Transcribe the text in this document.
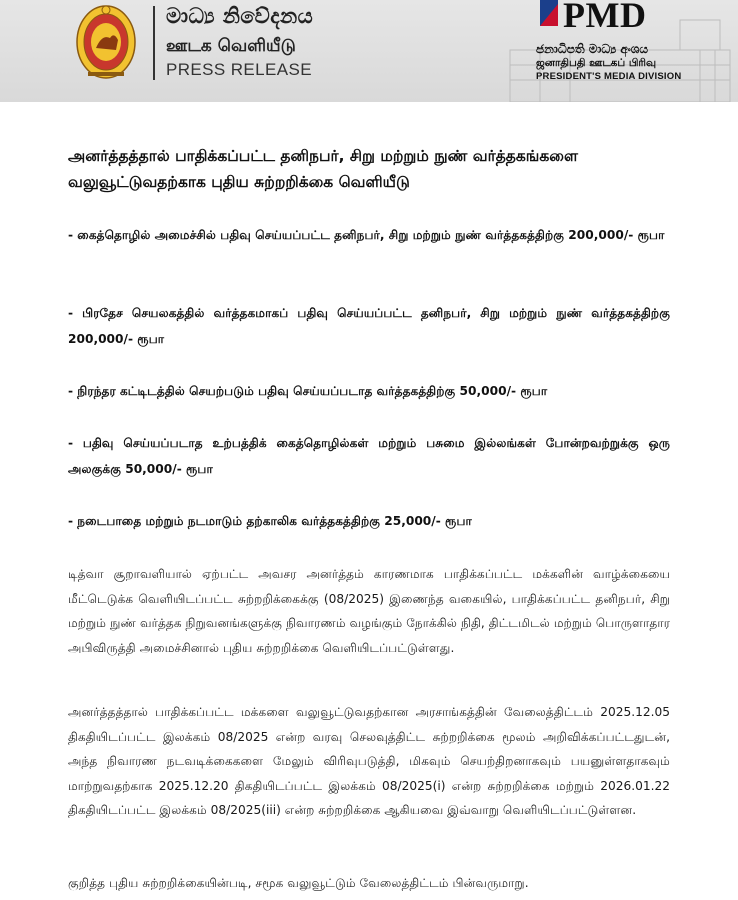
මාධ්‍ය නිවේදනය
ஊடக வெளியீடு
PRESS RELEASE
PMD
ජනාධිපති මාධ්‍ය අංශය
ஜனாதிபதி ஊடகப் பிரிவு
PRESIDENT'S MEDIA DIVISION

அனர்த்தத்தால் பாதிக்கப்பட்ட தனிநபர், சிறு மற்றும் நுண் வர்த்தகங்களை வலுவூட்டுவதற்காக புதிய சுற்றறிக்கை வெளியீடு

- கைத்தொழில் அமைச்சில் பதிவு செய்யப்பட்ட தனிநபர், சிறு மற்றும் நுண் வர்த்தகத்திற்கு 200,000/- ரூபா

- பிரதேச செயலகத்தில் வர்த்தகமாகப் பதிவு செய்யப்பட்ட தனிநபர், சிறு மற்றும் நுண் வர்த்தகத்திற்கு 200,000/- ரூபா

- நிரந்தர கட்டிடத்தில் செயற்படும் பதிவு செய்யப்படாத வர்த்தகத்திற்கு 50,000/- ரூபா

- பதிவு செய்யப்படாத உற்பத்திக் கைத்தொழில்கள் மற்றும் பசுமை இல்லங்கள் போன்றவற்றுக்கு ஒரு அலகுக்கு 50,000/- ரூபா

- நடைபாதை மற்றும் நடமாடும் தற்காலிக வர்த்தகத்திற்கு 25,000/- ரூபா

டித்வா சூறாவளியால் ஏற்பட்ட அவசர அனர்த்தம் காரணமாக பாதிக்கப்பட்ட மக்களின் வாழ்க்கையை மீட்டெடுக்க வெளியிடப்பட்ட சுற்றறிக்கைக்கு (08/2025) இணைந்த வகையில், பாதிக்கப்பட்ட தனிநபர், சிறு மற்றும் நுண் வர்த்தக நிறுவனங்களுக்கு நிவாரணம் வழங்கும் நோக்கில் நிதி, திட்டமிடல் மற்றும் பொருளாதார அபிவிருத்தி அமைச்சினால் புதிய சுற்றறிக்கை வெளியிடப்பட்டுள்ளது.

அனர்த்தத்தால் பாதிக்கப்பட்ட மக்களை வலுவூட்டுவதற்கான அரசாங்கத்தின் வேலைத்திட்டம் 2025.12.05 திகதியிடப்பட்ட இலக்கம் 08/2025 என்ற வரவு செலவுத்திட்ட சுற்றறிக்கை மூலம் அறிவிக்கப்பட்டதுடன், அந்த நிவாரண நடவடிக்கைகளை மேலும் விரிவுபடுத்தி, மிகவும் செயற்திறனாகவும் பயனுள்ளதாகவும் மாற்றுவதற்காக 2025.12.20 திகதியிடப்பட்ட இலக்கம் 08/2025(i) என்ற சுற்றறிக்கை மற்றும் 2026.01.22 திகதியிடப்பட்ட இலக்கம் 08/2025(iii) என்ற சுற்றறிக்கை ஆகியவை இவ்வாறு வெளியிடப்பட்டுள்ளன.

குறித்த புதிய சுற்றறிக்கையின்படி, சமூக வலுவூட்டும் வேலைத்திட்டம் பின்வருமாறு.
